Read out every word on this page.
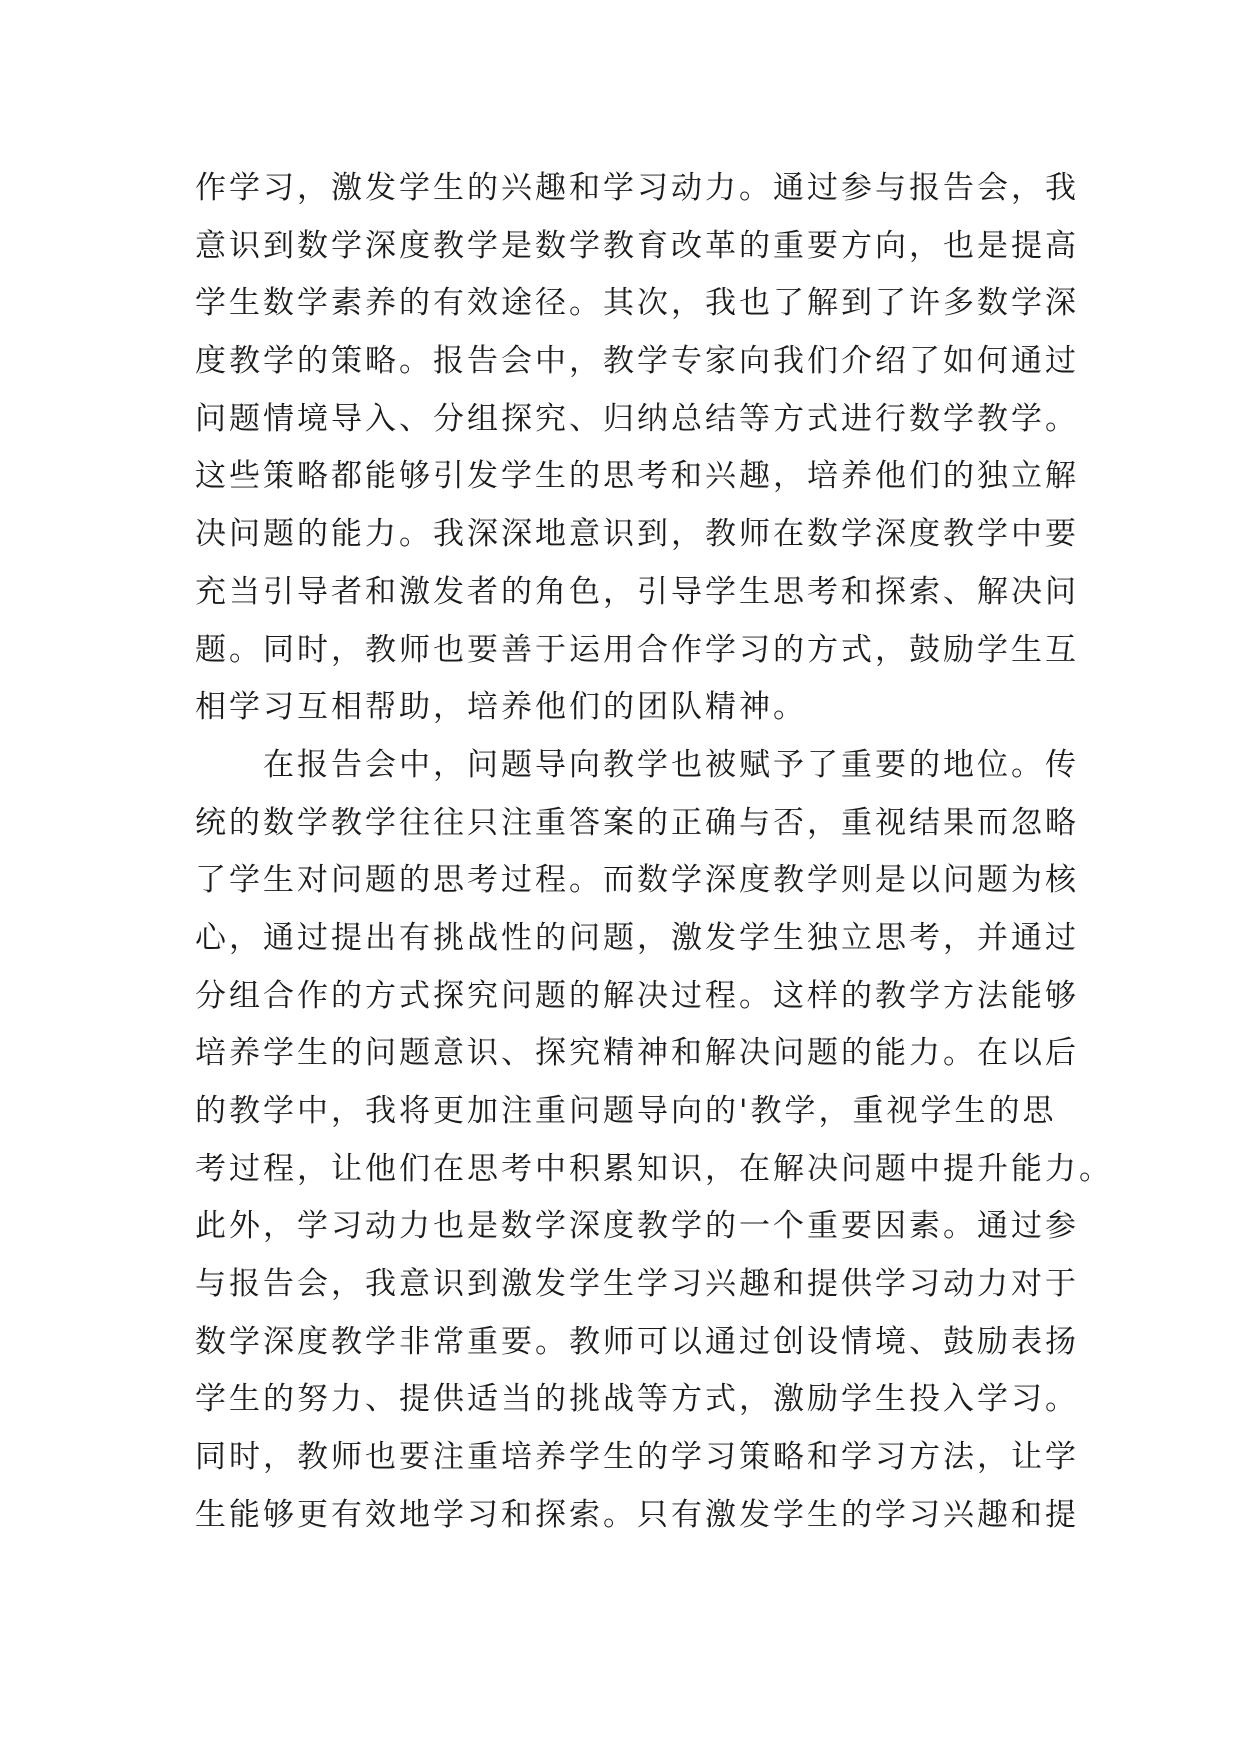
作学习，激发学生的兴趣和学习动力。通过参与报告会，我
意识到数学深度教学是数学教育改革的重要方向，也是提高
学生数学素养的有效途径。其次，我也了解到了许多数学深
度教学的策略。报告会中，教学专家向我们介绍了如何通过
问题情境导入、分组探究、归纳总结等方式进行数学教学。
这些策略都能够引发学生的思考和兴趣，培养他们的独立解
决问题的能力。我深深地意识到，教师在数学深度教学中要
充当引导者和激发者的角色，引导学生思考和探索、解决问
题。同时，教师也要善于运用合作学习的方式，鼓励学生互
相学习互相帮助，培养他们的团队精神。
　　在报告会中，问题导向教学也被赋予了重要的地位。传
统的数学教学往往只注重答案的正确与否，重视结果而忽略
了学生对问题的思考过程。而数学深度教学则是以问题为核
心，通过提出有挑战性的问题，激发学生独立思考，并通过
分组合作的方式探究问题的解决过程。这样的教学方法能够
培养学生的问题意识、探究精神和解决问题的能力。在以后
的教学中，我将更加注重问题导向的'教学，重视学生的思
考过程，让他们在思考中积累知识，在解决问题中提升能力。
此外，学习动力也是数学深度教学的一个重要因素。通过参
与报告会，我意识到激发学生学习兴趣和提供学习动力对于
数学深度教学非常重要。教师可以通过创设情境、鼓励表扬
学生的努力、提供适当的挑战等方式，激励学生投入学习。
同时，教师也要注重培养学生的学习策略和学习方法，让学
生能够更有效地学习和探索。只有激发学生的学习兴趣和提
